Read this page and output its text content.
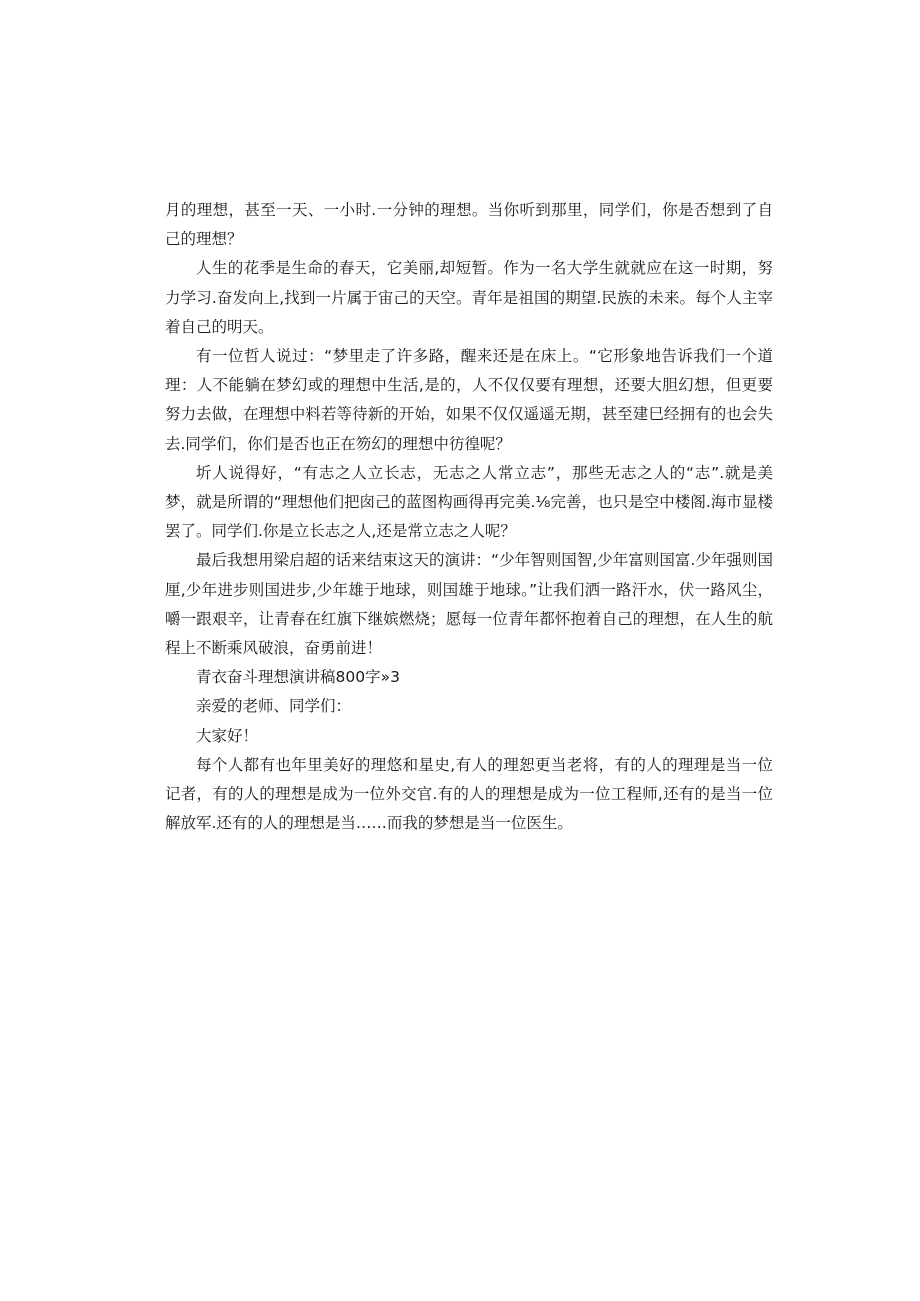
月的理想，甚至一天、一小时.一分钟的理想。当你听到那里，同学们，你是否想到了自己的理想？

人生的花季是生命的春天，它美丽,却短暂。作为一名大学生就就应在这一时期，努力学习.奋发向上,找到一片属于宙己的天空。青年是祖国的期望.民族的未来。每个人主宰着自己的明天。

有一位哲人说过：“梦里走了许多路，醒来还是在床上。“它形象地告诉我们一个道理：人不能躺在梦幻或的理想中生活,是的，人不仅仅要有理想，还要大胆幻想，但更要努力去做，在理想中料若等待新的开始，如果不仅仅遥遥无期，甚至建巳经拥有的也会失去.同学们，你们是否也正在笏幻的理想中彷徨呢？

圻人说得好，“有志之人立长志，无志之人常立志”，那些无志之人的“志”.就是美梦，就是所谓的“理想他们把囱己的蓝图构画得再完美.⅛完善，也只是空中楼阁.海市显楼罢了。同学们.你是立长志之人,还是常立志之人呢？

最后我想用梁启超的话来结束这天的演讲：“少年智则国智,少年富则国富.少年强则国厘,少年进步则国进步,少年雄于地球，则国雄于地球。”让我们洒一路汗水，伏一路风尘，嚼一跟艰辛，让青春在红旗下继嫔燃烧；愿每一位青年都怀抱着自己的理想，在人生的航程上不断乘风破浪，奋勇前进！

青衣奋斗理想演讲稿800字»3

亲爱的老师、同学们：

大家好！

每个人都有也年里美好的理悠和星史,有人的理恕更当老将，有的人的理理是当一位记者，有的人的理想是成为一位外交官.有的人的理想是成为一位工程师,还有的是当一位解放军.还有的人的理想是当……而我的梦想是当一位医生。
